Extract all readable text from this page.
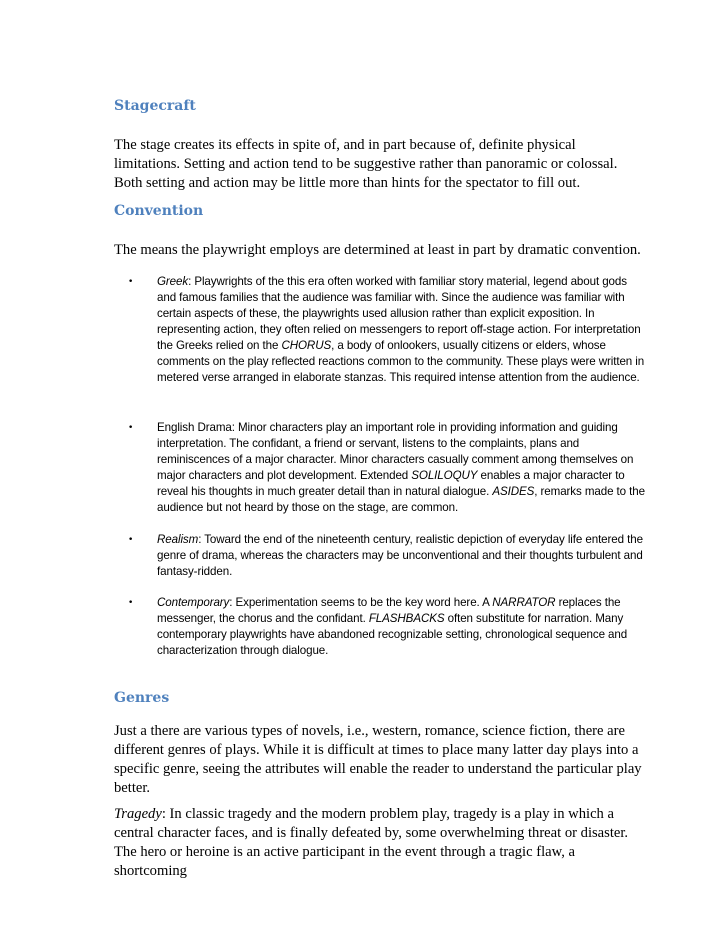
Stagecraft

The stage creates its effects in spite of, and in part because of, definite physical limitations. Setting and action tend to be suggestive rather than panoramic or colossal. Both setting and action may be little more than hints for the spectator to fill out.

Convention

The means the playwright employs are determined at least in part by dramatic convention.

•	Greek: Playwrights of the this era often worked with familiar story material, legend about gods and famous families that the audience was familiar with. Since the audience was familiar with certain aspects of these, the playwrights used allusion rather than explicit exposition. In representing action, they often relied on messengers to report off-stage action. For interpretation the Greeks relied on the CHORUS, a body of onlookers, usually citizens or elders, whose comments on the play reflected reactions common to the community. These plays were written in metered verse arranged in elaborate stanzas. This required intense attention from the audience.

•	English Drama: Minor characters play an important role in providing information and guiding interpretation. The confidant, a friend or servant, listens to the complaints, plans and reminiscences of a major character. Minor characters casually comment among themselves on major characters and plot development. Extended SOLILOQUY enables a major character to reveal his thoughts in much greater detail than in natural dialogue. ASIDES, remarks made to the audience but not heard by those on the stage, are common.

•	Realism: Toward the end of the nineteenth century, realistic depiction of everyday life entered the genre of drama, whereas the characters may be unconventional and their thoughts turbulent and fantasy-ridden.

•	Contemporary: Experimentation seems to be the key word here. A NARRATOR replaces the messenger, the chorus and the confidant. FLASHBACKS often substitute for narration. Many contemporary playwrights have abandoned recognizable setting, chronological sequence and characterization through dialogue.

Genres

Just a there are various types of novels, i.e., western, romance, science fiction, there are different genres of plays. While it is difficult at times to place many latter day plays into a specific genre, seeing the attributes will enable the reader to understand the particular play better.

Tragedy: In classic tragedy and the modern problem play, tragedy is a play in which a central character faces, and is finally defeated by, some overwhelming threat or disaster. The hero or heroine is an active participant in the event through a tragic flaw, a shortcoming
